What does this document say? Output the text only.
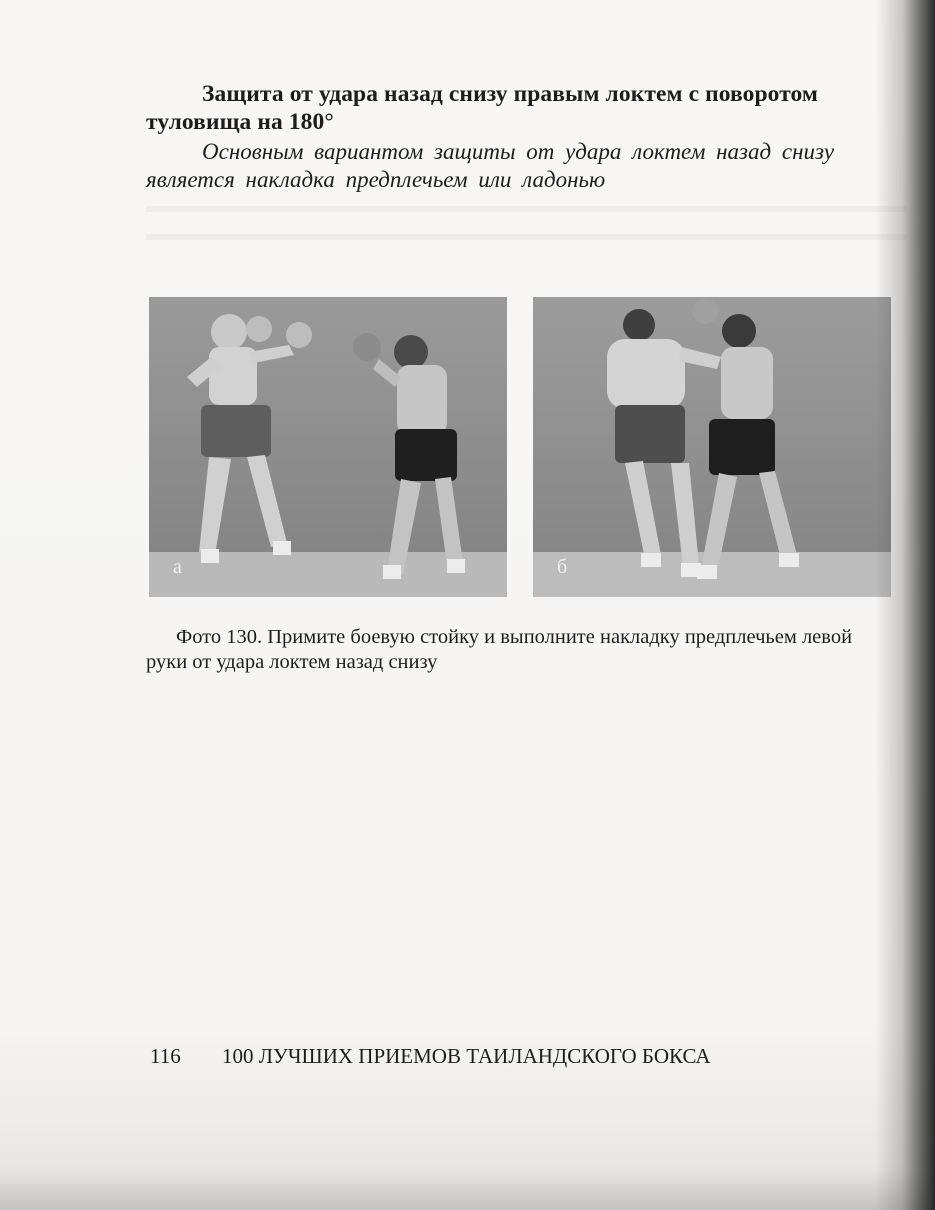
Защита от удара назад снизу правым локтем с поворотом туловища на 180°
Основным вариантом защиты от удара локтем назад снизу является накладка предплечьем или ладонью
а	б
Фото 130. Примите боевую стойку и выполните накладку предплечьем левой руки от удара локтем назад снизу
116 100 ЛУЧШИХ ПРИЕМОВ ТАИЛАНДСКОГО БОКСА
